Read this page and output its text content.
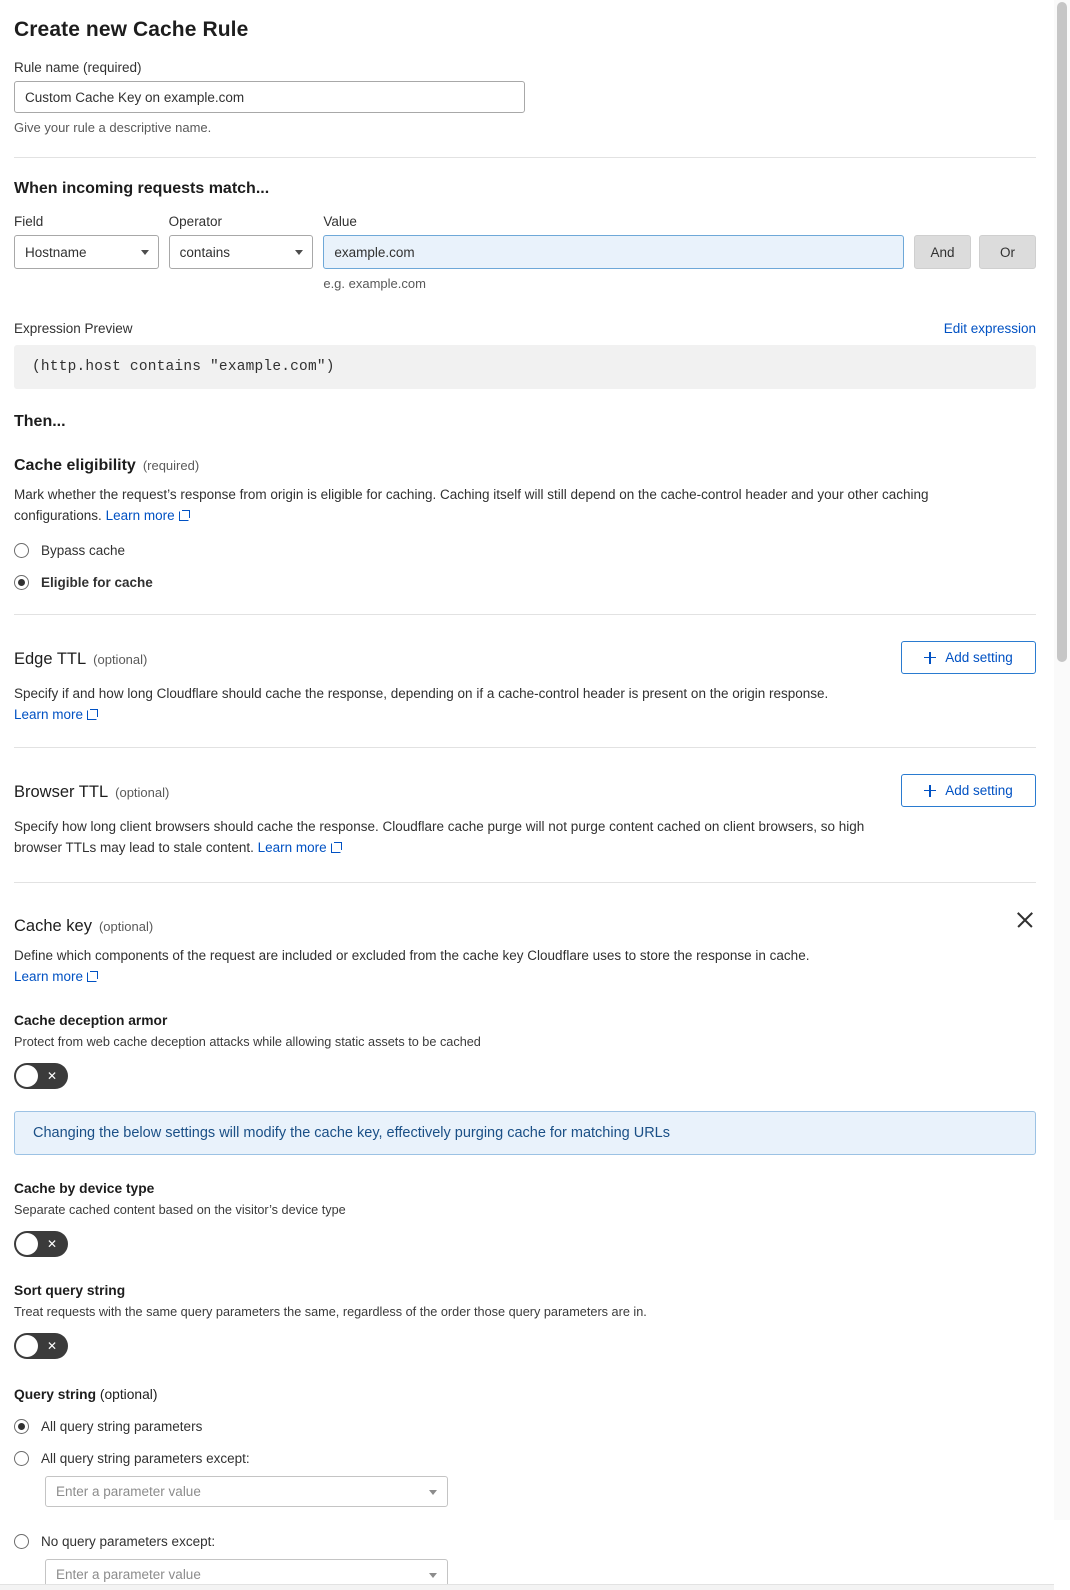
Create new Cache Rule
Rule name (required)
Custom Cache Key on example.com
Give your rule a descriptive name.
When incoming requests match...
Field
Hostname
Operator
contains
Value
example.com
e.g. example.com
And	Or
Expression Preview	Edit expression
(http.host contains "example.com")
Then...
Cache eligibility (required)
Mark whether the request’s response from origin is eligible for caching. Caching itself will still depend on the cache-control header and your other caching configurations. Learn more
Bypass cache
Eligible for cache
Edge TTL (optional)	Add setting
Specify if and how long Cloudflare should cache the response, depending on if a cache-control header is present on the origin response. Learn more
Browser TTL (optional)	Add setting
Specify how long client browsers should cache the response. Cloudflare cache purge will not purge content cached on client browsers, so high browser TTLs may lead to stale content. Learn more
Cache key (optional)
Define which components of the request are included or excluded from the cache key Cloudflare uses to store the response in cache.
Learn more
Cache deception armor
Protect from web cache deception attacks while allowing static assets to be cached
✕
Changing the below settings will modify the cache key, effectively purging cache for matching URLs
Cache by device type
Separate cached content based on the visitor’s device type
✕
Sort query string
Treat requests with the same query parameters the same, regardless of the order those query parameters are in.
✕
Query string (optional)
All query string parameters
All query string parameters except:
Enter a parameter value
No query parameters except:
Enter a parameter value
